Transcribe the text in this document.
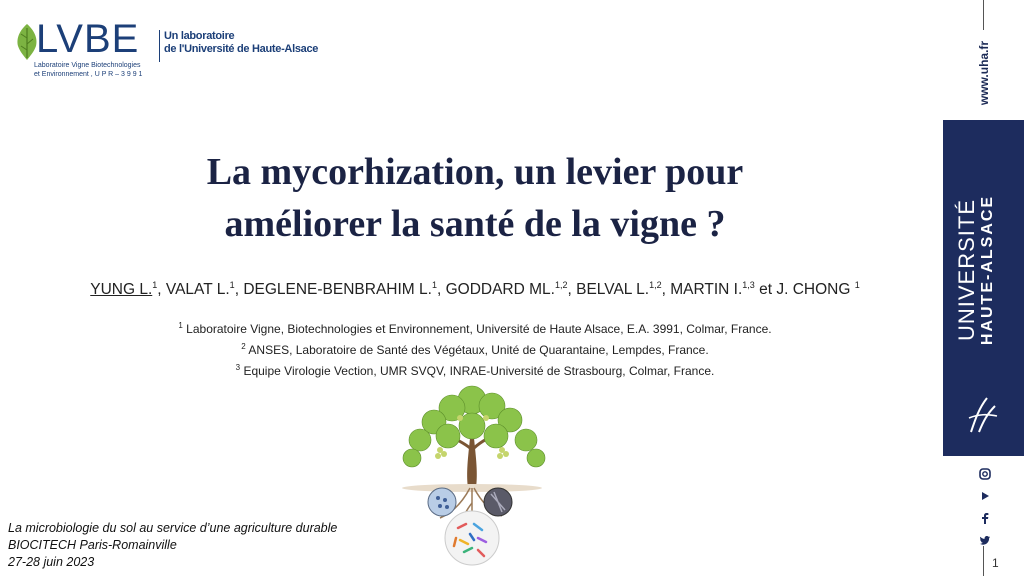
LVBE
Laboratoire Vigne Biotechnologies
et Environnement , U P R – 3 9 9 1
Un laboratoire
de l'Université de Haute-Alsace
La mycorhization, un levier pour
améliorer la santé de la vigne ?
YUNG L.$^1$, VALAT L.$^1$, DEGLENE-BENBRAHIM L.$^1$, GODDARD ML.$^{1,2}$, BELVAL L.$^{1,2}$, MARTIN I.$^{1,3}$ et J. CHONG $^1$
$^1$ Laboratoire Vigne, Biotechnologies et Environnement, Université de Haute Alsace, E.A. 3991, Colmar, France.
$^2$ ANSES, Laboratoire de Santé des Végétaux, Unité de Quarantaine, Lempdes, France.
$^3$ Equipe Virologie Vection, UMR SVQV, INRAE-Université de Strasbourg, Colmar, France.
La microbiologie du sol au service d’une agriculture durable
BIOCITECH Paris-Romainville
27-28 juin 2023
www.uha.fr
UNIVERSITÉ HAUTE-ALSACE
1
